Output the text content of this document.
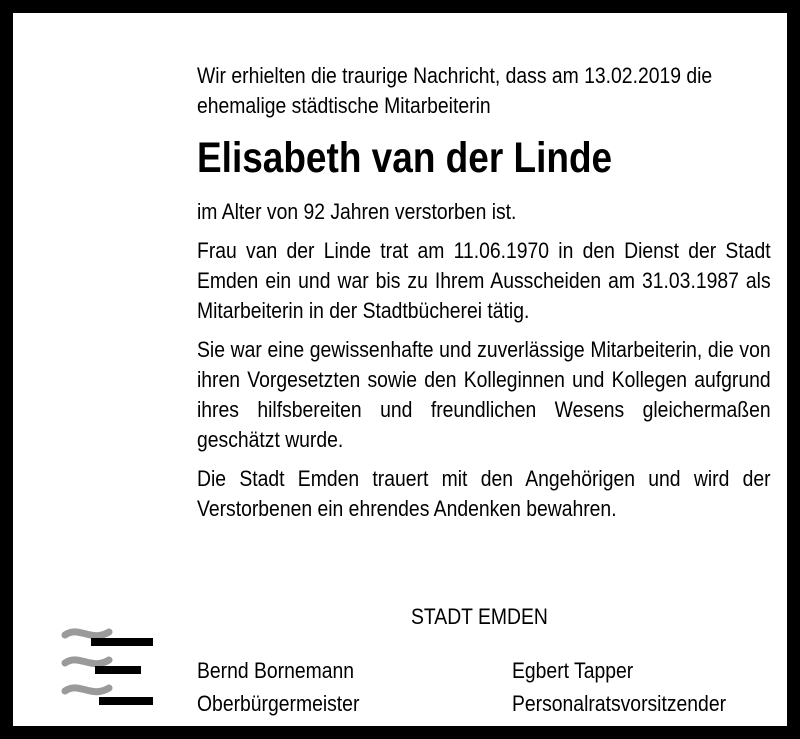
Wir erhielten die traurige Nachricht, dass am 13.02.2019 die ehemalige städtische Mitarbeiterin

Elisabeth van der Linde

im Alter von 92 Jahren verstorben ist.

Frau van der Linde trat am 11.06.1970 in den Dienst der Stadt Emden ein und war bis zu Ihrem Ausscheiden am 31.03.1987 als Mitarbeiterin in der Stadtbücherei tätig.

Sie war eine gewissenhafte und zuverlässige Mitarbeiterin, die von ihren Vorgesetzten sowie den Kolleginnen und Kollegen aufgrund ihres hilfsbereiten und freundlichen Wesens gleichermaßen geschätzt wurde.

Die Stadt Emden trauert mit den Angehörigen und wird der Verstorbenen ein ehrendes Andenken bewahren.

STADT EMDEN
Bernd Bornemann
Oberbürgermeister
Egbert Tapper
Personalratsvorsitzender
